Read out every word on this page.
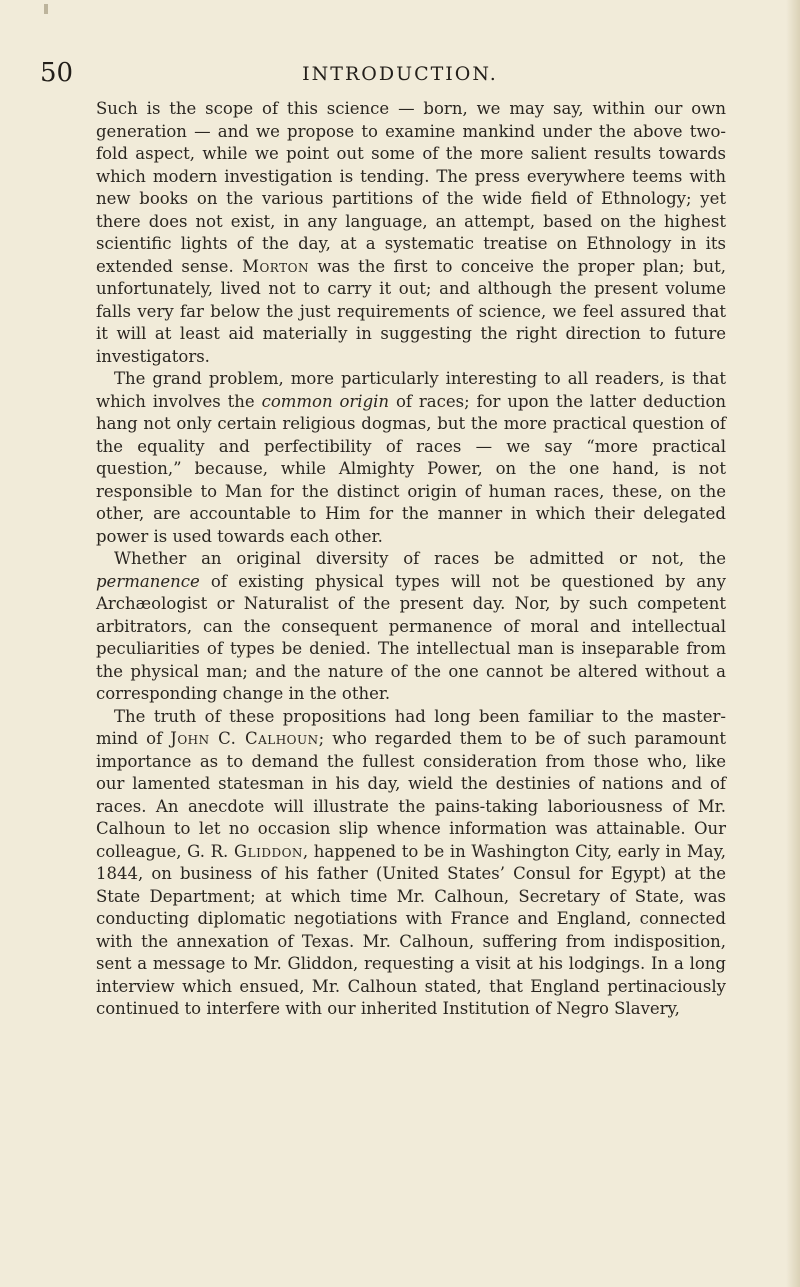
50	INTRODUCTION.

Such is the scope of this science — born, we may say, within our own generation — and we propose to examine mankind under the above two-fold aspect, while we point out some of the more salient results towards which modern investigation is tending. The press everywhere teems with new books on the various partitions of the wide field of Ethnology; yet there does not exist, in any language, an attempt, based on the highest scientific lights of the day, at a systematic treatise on Ethnology in its extended sense. Morton was the first to conceive the proper plan; but, unfortunately, lived not to carry it out; and although the present volume falls very far below the just requirements of science, we feel assured that it will at least aid materially in suggesting the right direction to future investigators.

The grand problem, more particularly interesting to all readers, is that which involves the common origin of races; for upon the latter deduction hang not only certain religious dogmas, but the more practical question of the equality and perfectibility of races — we say “more practical question,” because, while Almighty Power, on the one hand, is not responsible to Man for the distinct origin of human races, these, on the other, are accountable to Him for the manner in which their delegated power is used towards each other.

Whether an original diversity of races be admitted or not, the permanence of existing physical types will not be questioned by any Archæologist or Naturalist of the present day. Nor, by such competent arbitrators, can the consequent permanence of moral and intellectual peculiarities of types be denied. The intellectual man is inseparable from the physical man; and the nature of the one cannot be altered without a corresponding change in the other.

The truth of these propositions had long been familiar to the master-mind of John C. Calhoun; who regarded them to be of such paramount importance as to demand the fullest consideration from those who, like our lamented statesman in his day, wield the destinies of nations and of races. An anecdote will illustrate the pains-taking laboriousness of Mr. Calhoun to let no occasion slip whence information was attainable. Our colleague, G. R. Gliddon, happened to be in Washington City, early in May, 1844, on business of his father (United States’ Consul for Egypt) at the State Department; at which time Mr. Calhoun, Secretary of State, was conducting diplomatic negotiations with France and England, connected with the annexation of Texas. Mr. Calhoun, suffering from indisposition, sent a message to Mr. Gliddon, requesting a visit at his lodgings. In a long interview which ensued, Mr. Calhoun stated, that England pertinaciously continued to interfere with our inherited Institution of Negro Slavery,
